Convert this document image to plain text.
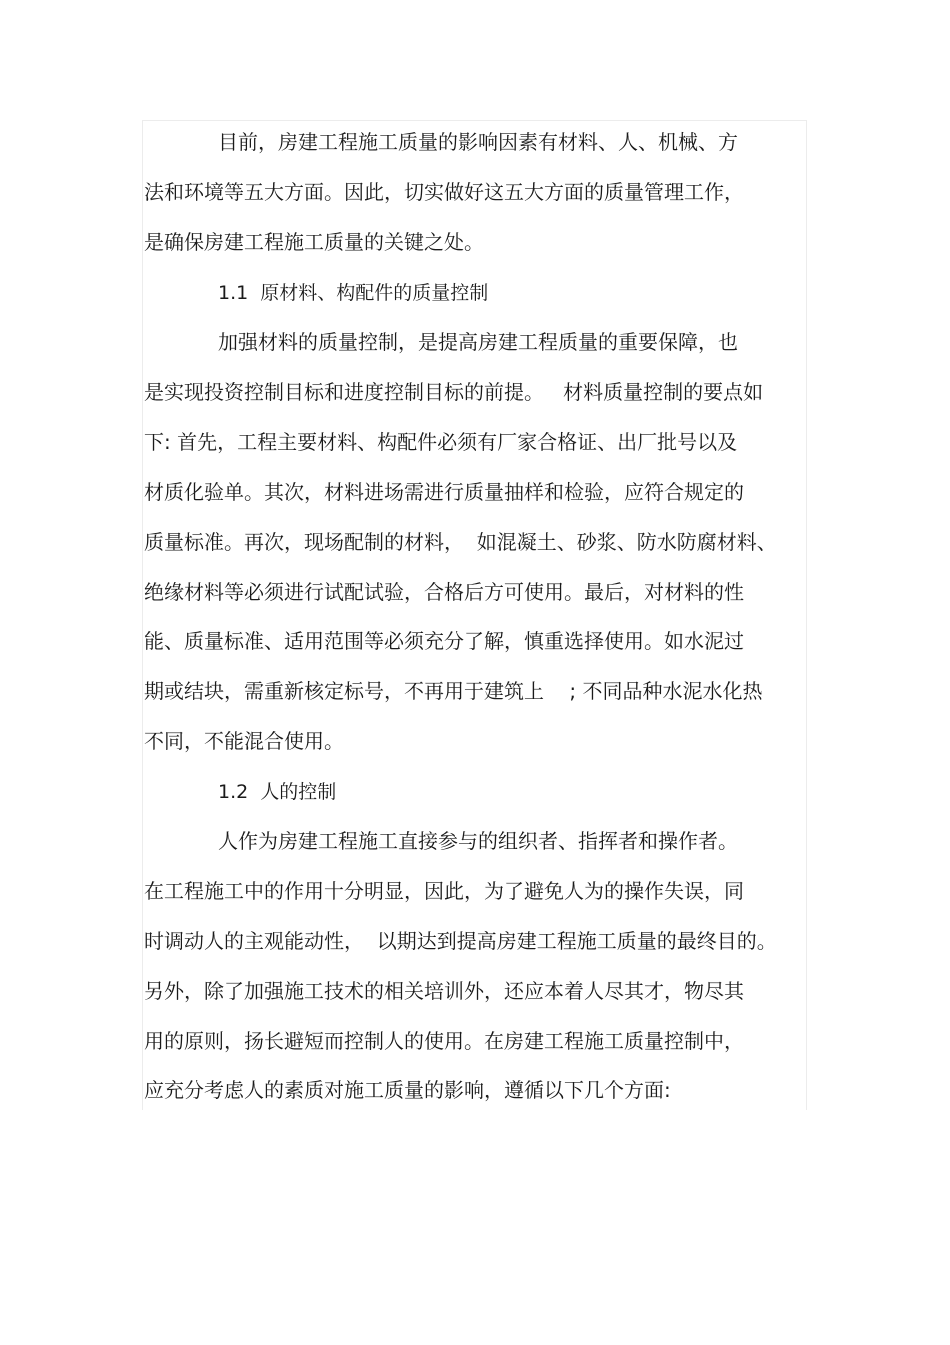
目前，房建工程施工质量的影响因素有材料、人、机械、方
法和环境等五大方面。因此，切实做好这五大方面的质量管理工作，
是确保房建工程施工质量的关键之处。
1.1  原材料、构配件的质量控制
加强材料的质量控制，是提高房建工程质量的重要保障，也
是实现投资控制目标和进度控制目标的前提。   材料质量控制的要点如
下: 首先，工程主要材料、构配件必须有厂家合格证、出厂批号以及
材质化验单。其次，材料进场需进行质量抽样和检验，应符合规定的
质量标准。再次，现场配制的材料，  如混凝土、砂浆、防水防腐材料、
绝缘材料等必须进行试配试验，合格后方可使用。最后，对材料的性
能、质量标准、适用范围等必须充分了解，慎重选择使用。如水泥过
期或结块，需重新核定标号，不再用于建筑上    ; 不同品种水泥水化热
不同，不能混合使用。
1.2  人的控制
人作为房建工程施工直接参与的组织者、指挥者和操作者。
在工程施工中的作用十分明显，因此，为了避免人为的操作失误，同
时调动人的主观能动性，  以期达到提高房建工程施工质量的最终目的。
另外，除了加强施工技术的相关培训外，还应本着人尽其才，物尽其
用的原则，扬长避短而控制人的使用。在房建工程施工质量控制中，
应充分考虑人的素质对施工质量的影响，遵循以下几个方面:
